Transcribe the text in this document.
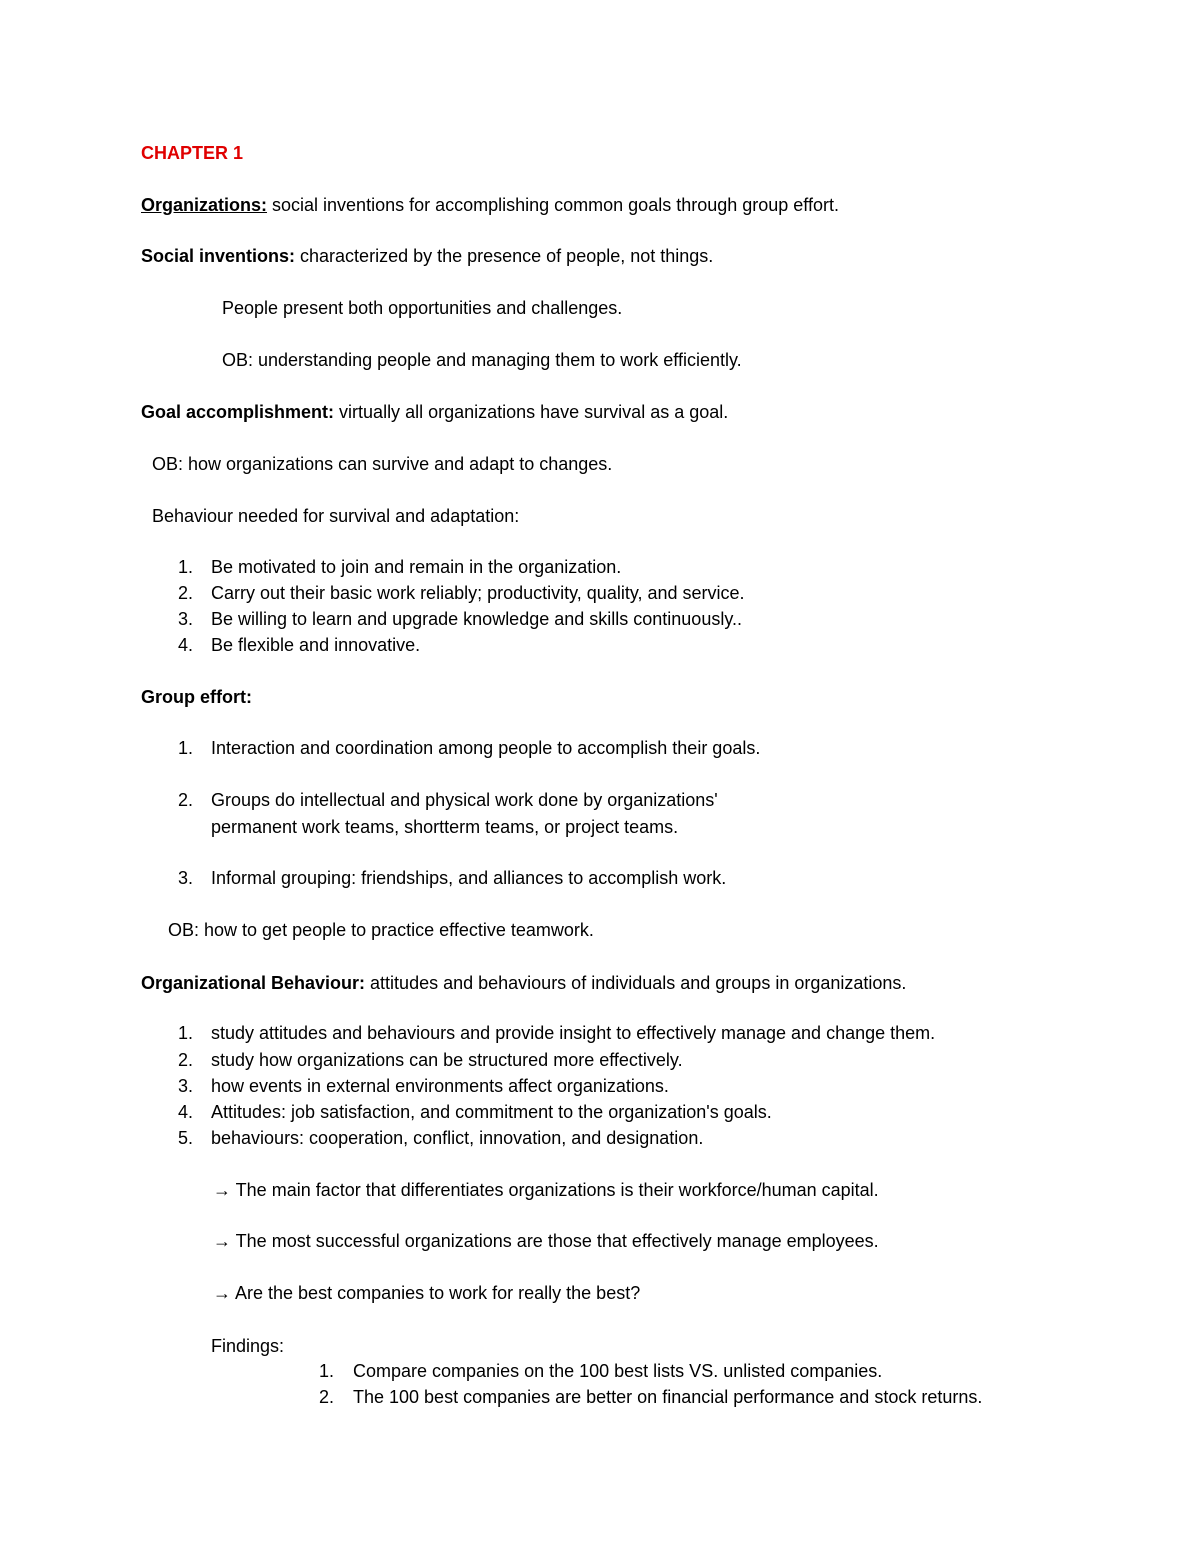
CHAPTER 1
Organizations: social inventions for accomplishing common goals through group effort.
Social inventions: characterized by the presence of people, not things.
People present both opportunities and challenges.
OB: understanding people and managing them to work efficiently.
Goal accomplishment: virtually all organizations have survival as a goal.
OB: how organizations can survive and adapt to changes.
Behaviour needed for survival and adaptation:
1. Be motivated to join and remain in the organization.
2. Carry out their basic work reliably; productivity, quality, and service.
3. Be willing to learn and upgrade knowledge and skills continuously..
4. Be flexible and innovative.
Group effort:
1. Interaction and coordination among people to accomplish their goals.
2. Groups do intellectual and physical work done by organizations'
permanent work teams, shortterm teams, or project teams.
3. Informal grouping: friendships, and alliances to accomplish work.
OB: how to get people to practice effective teamwork.
Organizational Behaviour: attitudes and behaviours of individuals and groups in organizations.
1. study attitudes and behaviours and provide insight to effectively manage and change them.
2. study how organizations can be structured more effectively.
3. how events in external environments affect organizations.
4. Attitudes: job satisfaction, and commitment to the organization's goals.
5. behaviours: cooperation, conflict, innovation, and designation.
→ The main factor that differentiates organizations is their workforce/human capital.
→ The most successful organizations are those that effectively manage employees.
→ Are the best companies to work for really the best?
Findings:
1. Compare companies on the 100 best lists VS. unlisted companies.
2. The 100 best companies are better on financial performance and stock returns.
